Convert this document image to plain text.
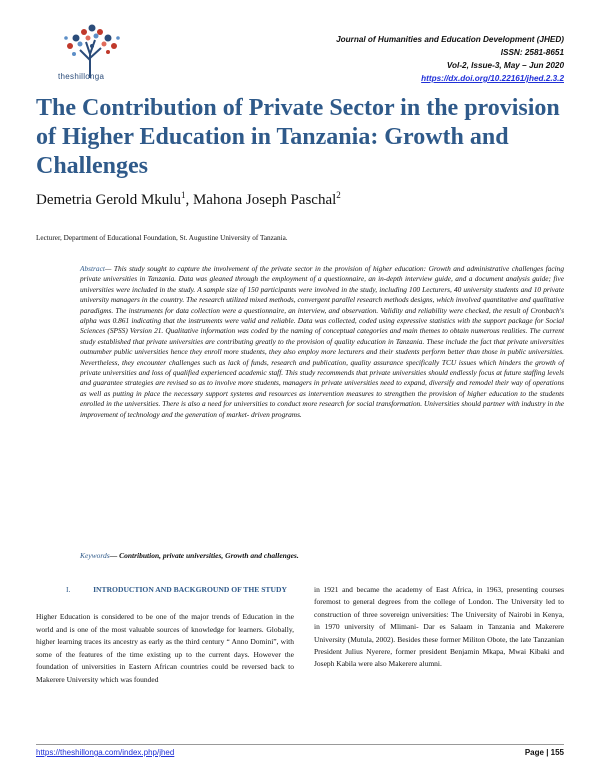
theshillonga
Journal of Humanities and Education Development (JHED)
ISSN: 2581-8651
Vol-2, Issue-3, May – Jun 2020
https://dx.doi.org/10.22161/jhed.2.3.2
The Contribution of Private Sector in the provision of Higher Education in Tanzania: Growth and Challenges
Demetria Gerold Mkulu$^1$, Mahona Joseph Paschal$^2$
Lecturer, Department of Educational Foundation, St. Augustine University of Tanzania.
Abstract— This study sought to capture the involvement of the private sector in the provision of higher education: Growth and administrative challenges facing private universities in Tanzania. Data was gleaned through the employment of a questionnaire, an in-depth interview guide, and a document analysis guide; five universities were included in the study. A sample size of 150 participants were involved in the study, including 100 Lecturers, 40 university students and 10 private university managers in the country. The research utilized mixed methods, convergent parallel research methods designs, which involved quantitative and qualitative paradigms. The instruments for data collection were a questionnaire, an interview, and observation. Validity and reliability were checked, the result of Cronbach's alpha was 0.861 indicating that the instruments were valid and reliable. Data was collected, coded using expressive statistics with the support package for Social Sciences (SPSS) Version 21. Qualitative information was coded by the naming of conceptual categories and main themes to obtain numerous realities. The current study established that private universities are contributing greatly to the provision of quality education in Tanzania. These include the fact that private universities outnumber public universities hence they enroll more students, they also employ more lecturers and their students perform better than those in public universities. Nevertheless, they encounter challenges such as lack of funds, research and publication, quality assurance specifically TCU issues which hinders the growth of private universities and loss of qualified experienced academic staff. This study recommends that private universities should endlessly focus at future staffing levels and guarantee strategies are revised so as to involve more students, managers in private universities need to expand, diversify and remodel their way of operations as well as putting in place the necessary support systems and resources as intervention measures to strengthen the provision of higher education to the students enrolled in the universities. There is also a need for universities to conduct more research for social transformation. Universities should partner with industry in the improvement of technology and the generation of market- driven programs.
Keywords— Contribution, private universities, Growth and challenges.
I.	INTRODUCTION AND BACKGROUND OF THE STUDY
Higher Education is considered to be one of the major trends of Education in the world and is one of the most valuable sources of knowledge for learners. Globally, higher learning traces its ancestry as early as the third century “ Anno Domini”, with some of the features of the time existing up to the current days. However the foundation of universities in Eastern African countries could be reversed back to Makerere University which was founded
in 1921 and became the academy of East Africa, in 1963, presenting courses foremost to general degrees from the college of London. The University led to construction of three sovereign universities: The University of Nairobi in Kenya, in 1970 university of Mlimani- Dar es Salaam in Tanzania and Makerere University (Mutula, 2002). Besides these former Militon Obote, the late Tanzanian President Julius Nyerere, former president Benjamin Mkapa, Mwai Kibaki and Joseph Kabila were also Makerere alumni.
https://theshillonga.com/index.php/jhed	Page | 155
